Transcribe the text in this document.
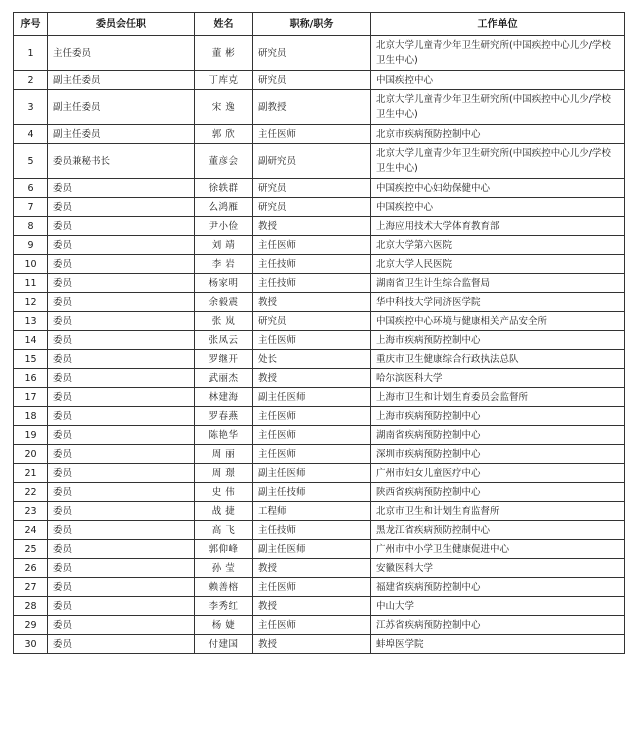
序号	委员会任职	姓名	职称/职务	工作单位
1	主任委员	董 彬	研究员	北京大学儿童青少年卫生研究所(中国疾控中心儿少/学校卫生中心)
2	副主任委员	丁库克	研究员	中国疾控中心
3	副主任委员	宋 逸	副教授	北京大学儿童青少年卫生研究所(中国疾控中心儿少/学校卫生中心)
4	副主任委员	郭 欣	主任医师	北京市疾病预防控制中心
5	委员兼秘书长	董彦会	副研究员	北京大学儿童青少年卫生研究所(中国疾控中心儿少/学校卫生中心)
6	委员	徐轶群	研究员	中国疾控中心妇幼保健中心
7	委员	么鸿雁	研究员	中国疾控中心
8	委员	尹小俭	教授	上海应用技术大学体育教育部
9	委员	刘 靖	主任医师	北京大学第六医院
10	委员	李 岩	主任技师	北京大学人民医院
11	委员	杨家明	主任技师	湖南省卫生计生综合监督局
12	委员	余毅震	教授	华中科技大学同济医学院
13	委员	张 岚	研究员	中国疾控中心环境与健康相关产品安全所
14	委员	张凤云	主任医师	上海市疾病预防控制中心
15	委员	罗继开	处长	重庆市卫生健康综合行政执法总队
16	委员	武丽杰	教授	哈尔滨医科大学
17	委员	林建海	副主任医师	上海市卫生和计划生育委员会监督所
18	委员	罗春燕	主任医师	上海市疾病预防控制中心
19	委员	陈艳华	主任医师	湖南省疾病预防控制中心
20	委员	周 丽	主任医师	深圳市疾病预防控制中心
21	委员	周 璟	副主任医师	广州市妇女儿童医疗中心
22	委员	史 伟	副主任技师	陕西省疾病预防控制中心
23	委员	战 捷	工程师	北京市卫生和计划生育监督所
24	委员	高 飞	主任技师	黑龙江省疾病预防控制中心
25	委员	郭仰峰	副主任医师	广州市中小学卫生健康促进中心
26	委员	孙 莹	教授	安徽医科大学
27	委员	赖善榕	主任医师	福建省疾病预防控制中心
28	委员	李秀红	教授	中山大学
29	委员	杨 婕	主任医师	江苏省疾病预防控制中心
30	委员	付建国	教授	蚌埠医学院
